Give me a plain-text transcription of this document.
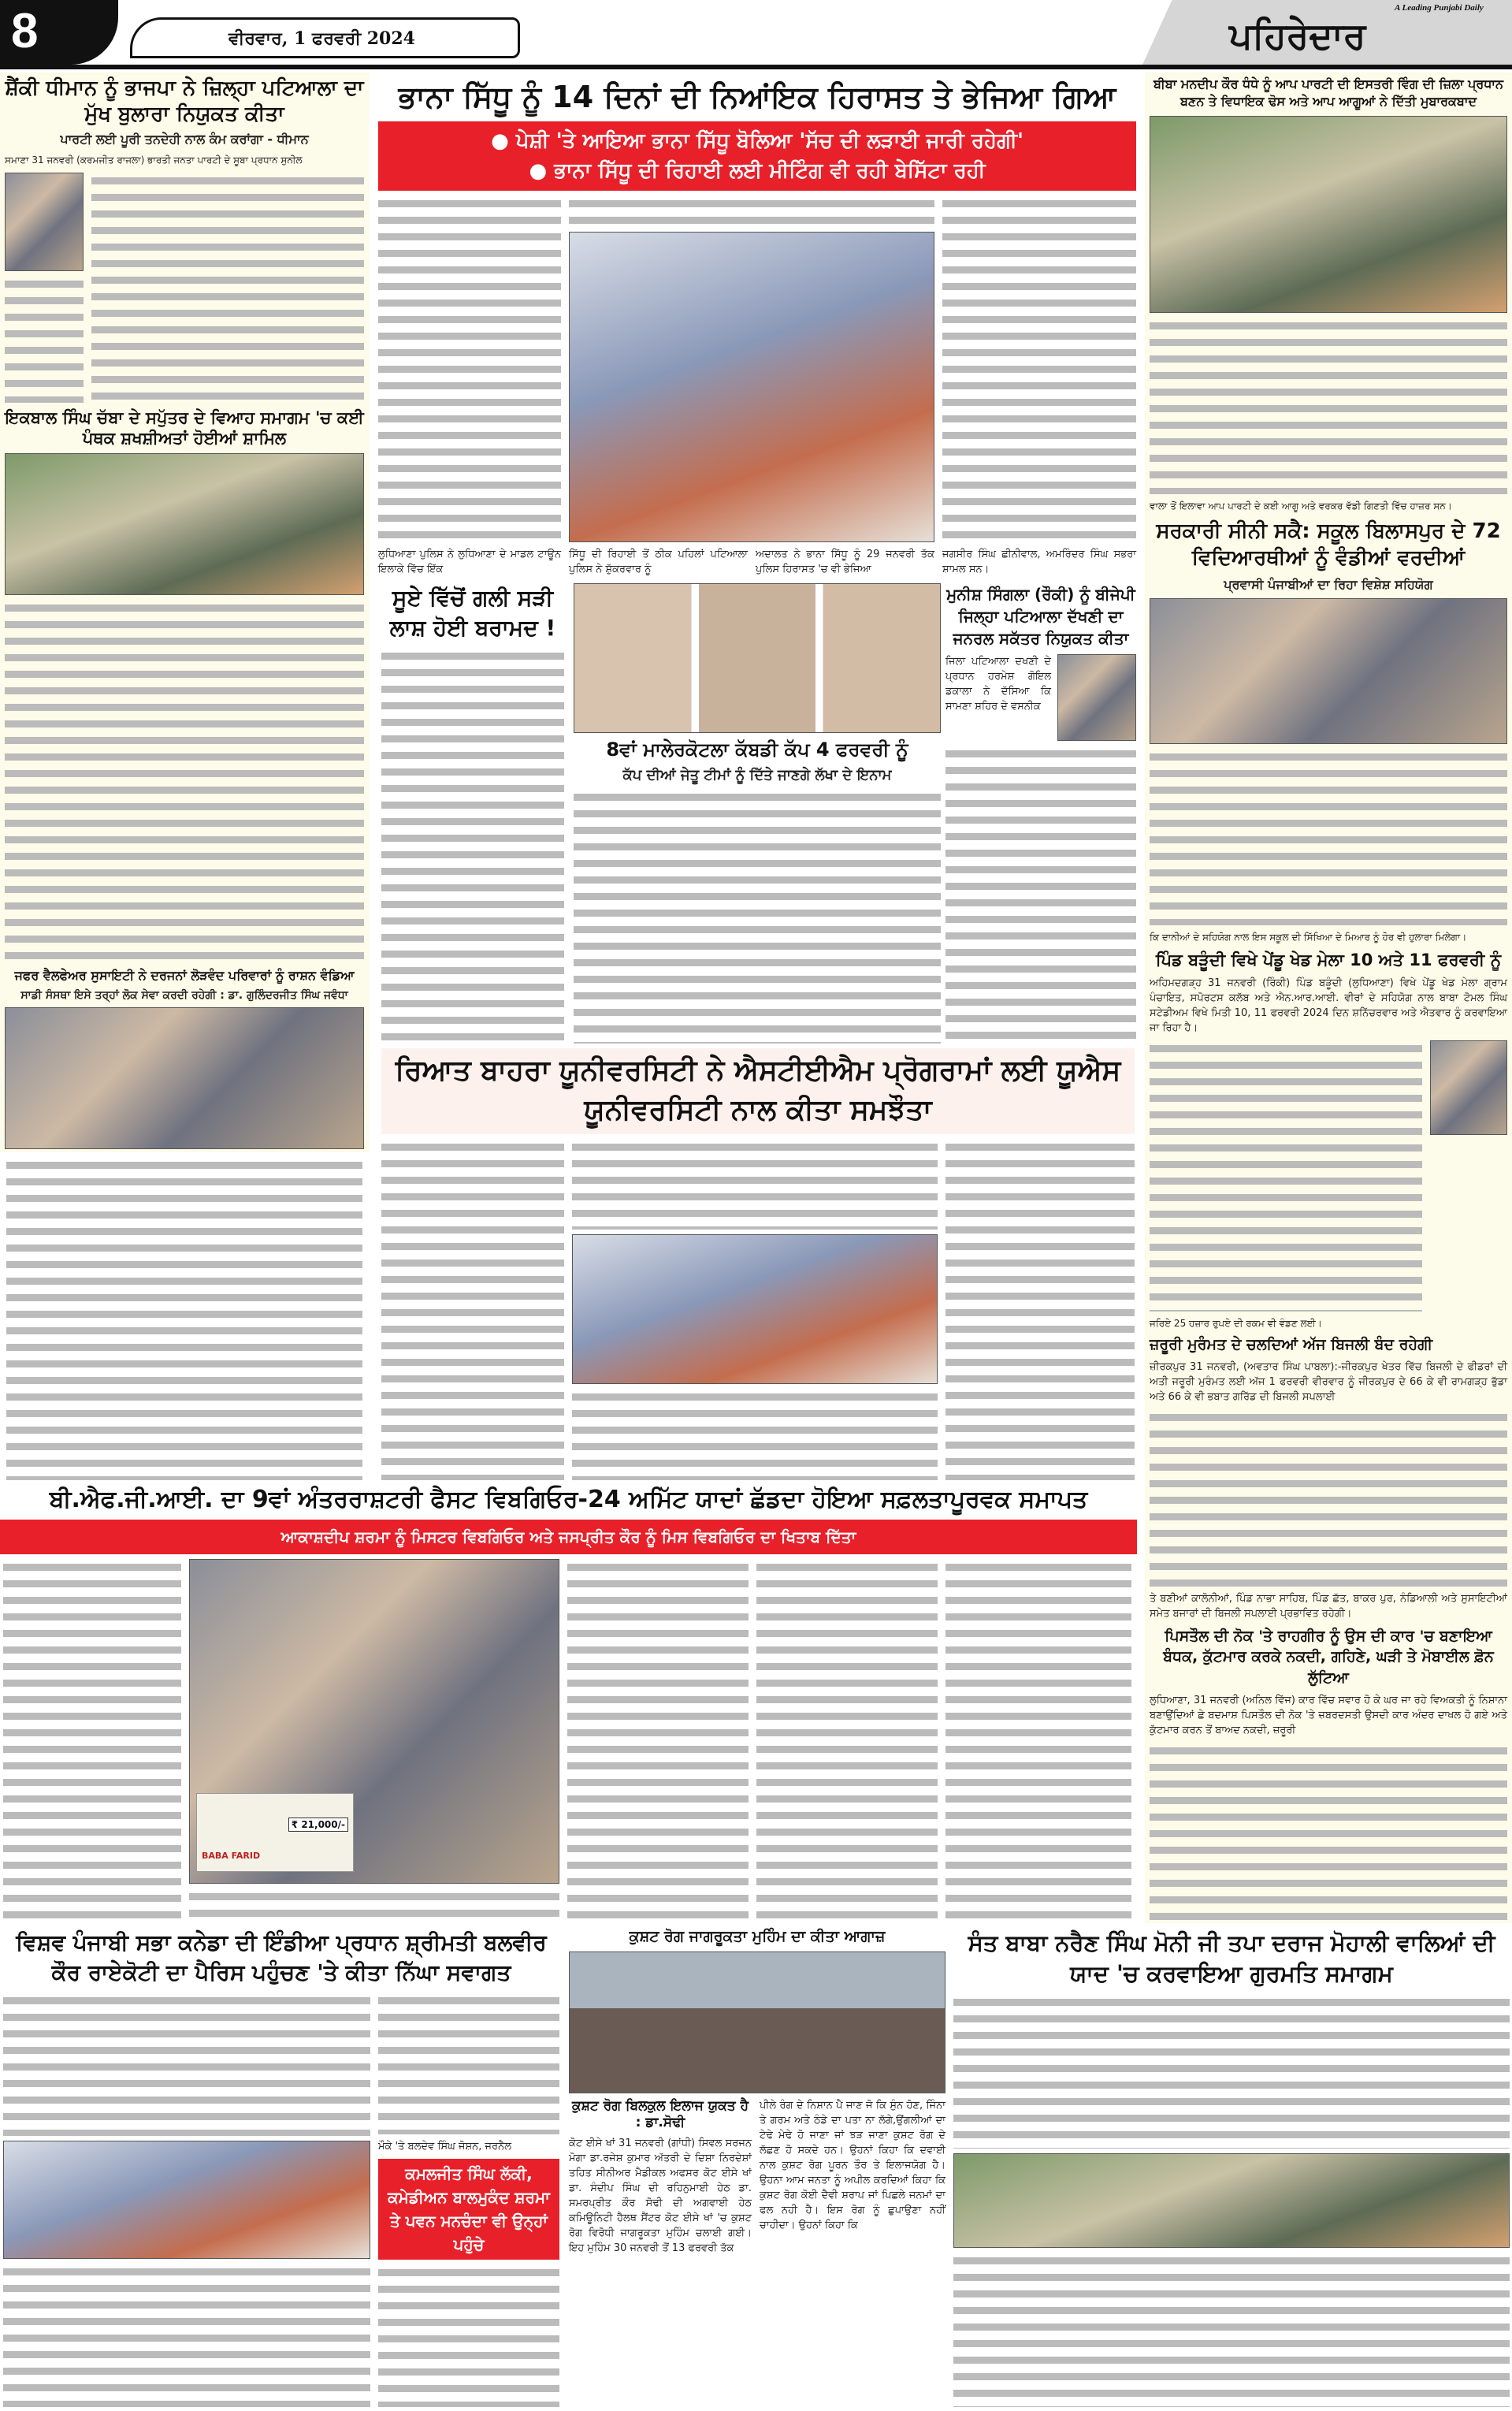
8	ਵੀਰਵਾਰ, 1 ਫਰਵਰੀ 2024	ਪਹਿਰੇਦਾਰ
A Leading Punjabi Daily
ਸ਼ੈਂਕੀ ਧੀਮਾਨ ਨੂੰ ਭਾਜਪਾ ਨੇ ਜ਼ਿਲ੍ਹਾ ਪਟਿਆਲਾ ਦਾ ਮੁੱਖ ਬੁਲਾਰਾ ਨਿਯੁਕਤ ਕੀਤਾ
ਪਾਰਟੀ ਲਈ ਪੂਰੀ ਤਨਦੇਹੀ ਨਾਲ ਕੰਮ ਕਰਾਂਗਾ - ਧੀਮਾਨ
ਸਮਾਣਾ 31 ਜਨਵਰੀ (ਕਰਮਜੀਤ ਰਾਜਲਾ) ਭਾਰਤੀ ਜਨਤਾ ਪਾਰਟੀ ਦੇ ਸੂਬਾ ਪ੍ਰਧਾਨ ਸੁਨੀਲ
ਇਕਬਾਲ ਸਿੰਘ ਚੱਬਾ ਦੇ ਸਪੁੱਤਰ ਦੇ ਵਿਆਹ ਸਮਾਗਮ 'ਚ ਕਈ ਪੰਥਕ ਸ਼ਖਸ਼ੀਅਤਾਂ ਹੋਈਆਂ ਸ਼ਾਮਿਲ
ਜਫਰ ਵੈਲਫੇਅਰ ਸੁਸਾਇਟੀ ਨੇ ਦਰਜਨਾਂ ਲੋੜਵੰਦ ਪਰਿਵਾਰਾਂ ਨੂੰ ਰਾਸ਼ਨ ਵੰਡਿਆ
ਸਾਡੀ ਸੰਸਥਾ ਇਸੇ ਤਰ੍ਹਾਂ ਲੋਕ ਸੇਵਾ ਕਰਦੀ ਰਹੇਗੀ : ਡਾ. ਗੁਲਿੰਦਰਜੀਤ ਸਿੰਘ ਜਵੰਧਾ
ਭਾਨਾ ਸਿੱਧੂ ਨੂੰ 14 ਦਿਨਾਂ ਦੀ ਨਿਆਂਇਕ ਹਿਰਾਸਤ ਤੇ ਭੇਜਿਆ ਗਿਆ
● ਪੇਸ਼ੀ 'ਤੇ ਆਇਆ ਭਾਨਾ ਸਿੱਧੂ ਬੋਲਿਆ 'ਸੱਚ ਦੀ ਲੜਾਈ ਜਾਰੀ ਰਹੇਗੀ'
● ਭਾਨਾ ਸਿੱਧੂ ਦੀ ਰਿਹਾਈ ਲਈ ਮੀਟਿੰਗ ਵੀ ਰਹੀ ਬੇਸਿੱਟਾ ਰਹੀ
ਲੁਧਿਆਣਾ ਪੁਲਿਸ ਨੇ ਲੁਧਿਆਣਾ ਦੇ ਮਾਡਲ ਟਾਊਨ ਇਲਾਕੇ ਵਿੱਚ ਇੱਕ
ਸਿੱਧੂ ਦੀ ਰਿਹਾਈ ਤੋਂ ਠੀਕ ਪਹਿਲਾਂ ਪਟਿਆਲਾ ਪੁਲਿਸ ਨੇ ਸ਼ੁੱਕਰਵਾਰ ਨੂੰ
ਅਦਾਲਤ ਨੇ ਭਾਨਾ ਸਿੱਧੂ ਨੂੰ 29 ਜਨਵਰੀ ਤੱਕ ਪੁਲਿਸ ਹਿਰਾਸਤ 'ਚ ਵੀ ਭੇਜਿਆ
ਜਗਸੀਰ ਸਿੰਘ ਛੀਨੀਵਾਲ, ਅਮਰਿੰਦਰ ਸਿੰਘ ਸਭਰਾ ਸ਼ਾਮਲ ਸਨ।
ਸੂਏ ਵਿੱਚੋਂ ਗਲੀ ਸੜੀ ਲਾਸ਼ ਹੋਈ ਬਰਾਮਦ !
8ਵਾਂ ਮਾਲੇਰਕੋਟਲਾ ਕੱਬਡੀ ਕੱਪ 4 ਫਰਵਰੀ ਨੂੰ
ਕੱਪ ਦੀਆਂ ਜੇਤੂ ਟੀਮਾਂ ਨੂੰ ਦਿੱਤੇ ਜਾਣਗੇ ਲੱਖਾ ਦੇ ਇਨਾਮ
ਮੁਨੀਸ਼ ਸਿੰਗਲਾ (ਰੌਕੀ) ਨੂੰ ਬੀਜੇਪੀ ਜਿਲ੍ਹਾ ਪਟਿਆਲਾ ਦੱਖਣੀ ਦਾ ਜਨਰਲ ਸਕੱਤਰ ਨਿਯੁਕਤ ਕੀਤਾ
ਜਿਲਾ ਪਟਿਆਲਾ ਦਖਣੀ ਦੇ ਪ੍ਰਧਾਨ ਹਰਮੇਸ਼ ਗੋਇਲ ਡਕਾਲਾ ਨੇ ਦੱਸਿਆ ਕਿ ਸਾਮਣਾ ਸ਼ਹਿਰ ਦੇ ਵਸਨੀਕ
ਰਿਆਤ ਬਾਹਰਾ ਯੂਨੀਵਰਸਿਟੀ ਨੇ ਐਸਟੀਈਐਮ ਪ੍ਰੋਗਰਾਮਾਂ ਲਈ ਯੂਐਸ ਯੂਨੀਵਰਸਿਟੀ ਨਾਲ ਕੀਤਾ ਸਮਝੌਤਾ
ਬੀ.ਐਫ.ਜੀ.ਆਈ. ਦਾ 9ਵਾਂ ਅੰਤਰਰਾਸ਼ਟਰੀ ਫੈਸਟ ਵਿਬਗਿਓਰ-24 ਅਮਿੱਟ ਯਾਦਾਂ ਛੱਡਦਾ ਹੋਇਆ ਸਫ਼ਲਤਾਪੂਰਵਕ ਸਮਾਪਤ
ਆਕਾਸ਼ਦੀਪ ਸ਼ਰਮਾ ਨੂੰ ਮਿਸਟਰ ਵਿਬਗਿਓਰ ਅਤੇ ਜਸਪ੍ਰੀਤ ਕੌਰ ਨੂੰ ਮਿਸ ਵਿਬਗਿਓਰ ਦਾ ਖਿਤਾਬ ਦਿੱਤਾ
₹ 21,000/-
BABA FARID
ਬੀਬਾ ਮਨਦੀਪ ਕੌਰ ਧੰਧੇ ਨੂੰ ਆਪ ਪਾਰਟੀ ਦੀ ਇਸਤਰੀ ਵਿੰਗ ਦੀ ਜ਼ਿਲਾ ਪ੍ਰਧਾਨ ਬਣਨ ਤੇ ਵਿਧਾਇਕ ਢੋਸ ਅਤੇ ਆਪ ਆਗੂਆਂ ਨੇ ਦਿੱਤੀ ਮੁਬਾਰਕਬਾਦ
ਵਾਲਾ ਤੋਂ ਇਲਾਵਾ ਆਪ ਪਾਰਟੀ ਦੇ ਕਈ ਆਗੂ ਅਤੇ ਵਰਕਰ ਵੱਡੀ ਗਿਣਤੀ ਵਿੱਚ ਹਾਜ਼ਰ ਸਨ।
ਸਰਕਾਰੀ ਸੀਨੀ ਸਕੈ: ਸਕੂਲ ਬਿਲਾਸਪੁਰ ਦੇ 72 ਵਿਦਿਆਰਥੀਆਂ ਨੂੰ ਵੰਡੀਆਂ ਵਰਦੀਆਂ
ਪ੍ਰਵਾਸੀ ਪੰਜਾਬੀਆਂ ਦਾ ਰਿਹਾ ਵਿਸ਼ੇਸ਼ ਸਹਿਯੋਗ
ਕਿ ਦਾਨੀਆਂ ਦੇ ਸਹਿਯੋਗ ਨਾਲ ਇਸ ਸਕੂਲ ਦੀ ਸਿੱਖਿਆ ਦੇ ਮਿਆਰ ਨੂੰ ਹੋਰ ਵੀ ਹੁਲਾਰਾ ਮਿਲੇਗਾ।
ਪਿੰਡ ਬੜੂੰਦੀ ਵਿਖੇ ਪੇਂਡੂ ਖੇਡ ਮੇਲਾ 10 ਅਤੇ 11 ਫਰਵਰੀ ਨੂੰ
ਅਹਿਮਦਗੜ੍ਹ 31 ਜਨਵਰੀ (ਰਿੰਕੀ) ਪਿੰਡ ਬੜੂੰਦੀ (ਲੁਧਿਆਣਾ) ਵਿਖੇ ਪੇਂਡੂ ਖੇਡ ਮੇਲਾ ਗ੍ਰਾਮ ਪੰਚਾਇਤ, ਸਪੋਰਟਸ ਕਲੱਬ ਅਤੇ ਐਨ.ਆਰ.ਆਈ. ਵੀਰਾਂ ਦੇ ਸਹਿਯੋਗ ਨਾਲ ਬਾਬਾ ਟੋਮਲ ਸਿੰਘ ਸਟੇਡੀਅਮ ਵਿਖੇ ਮਿਤੀ 10, 11 ਫਰਵਰੀ 2024 ਦਿਨ ਸ਼ਨਿੱਚਰਵਾਰ ਅਤੇ ਐਤਵਾਰ ਨੂੰ ਕਰਵਾਇਆ ਜਾ ਰਿਹਾ ਹੈ।
ਜਰਿਏ 25 ਹਜ਼ਾਰ ਰੁਪਏ ਦੀ ਰਕਮ ਵੀ ਵੰਡਣ ਲਈ।
ਜ਼ਰੂਰੀ ਮੁਰੰਮਤ ਦੇ ਚਲਦਿਆਂ ਅੱਜ ਬਿਜਲੀ ਬੰਦ ਰਹੇਗੀ
ਜ਼ੀਰਕਪੁਰ 31 ਜਨਵਰੀ, (ਅਵਤਾਰ ਸਿੰਘ ਪਾਬਲਾ):-ਜੀਰਕਪੁਰ ਖੇਤਰ ਵਿੱਚ ਬਿਜਲੀ ਦੇ ਫੀਡਰਾਂ ਦੀ ਅਤੀ ਜਰੂਰੀ ਮੁਰੰਮਤ ਲਈ ਅੱਜ 1 ਫਰਵਰੀ ਵੀਰਵਾਰ ਨੂੰ ਜੀਰਕਪੁਰ ਦੇ 66 ਕੇ ਵੀ ਰਾਮਗੜ੍ਹ ਭੁੱਡਾ ਅਤੇ 66 ਕੇ ਵੀ ਭਬਾਤ ਗਰਿੱਡ ਦੀ ਬਿਜਲੀ ਸਪਲਾਈ
ਤੇ ਬਣੀਆਂ ਕਾਲੋਨੀਆਂ, ਪਿੰਡ ਨਾਭਾ ਸਾਹਿਬ, ਪਿੰਡ ਛੱਤ, ਬਾਕਰ ਪੁਰ, ਨੰਡਿਆਲੀ ਅਤੇ ਸੁਸਾਇਟੀਆਂ ਸਮੇਤ ਬਜਾਰਾਂ ਦੀ ਬਿਜਲੀ ਸਪਲਾਈ ਪ੍ਰਭਾਵਿਤ ਰਹੇਗੀ।
ਪਿਸਤੌਲ ਦੀ ਨੋਕ 'ਤੇ ਰਾਹਗੀਰ ਨੂੰ ਉਸ ਦੀ ਕਾਰ 'ਚ ਬਣਾਇਆ ਬੰਧਕ, ਕੁੱਟਮਾਰ ਕਰਕੇ ਨਕਦੀ, ਗਹਿਣੇ, ਘੜੀ ਤੇ ਮੋਬਾਈਲ ਫ਼ੋਨ ਲੁੱਟਿਆ
ਲੁਧਿਆਣਾ, 31 ਜਨਵਰੀ (ਅਨਿਲ ਵਿੱਜ) ਕਾਰ ਵਿੱਚ ਸਵਾਰ ਹੋ ਕੇ ਘਰ ਜਾ ਰਹੇ ਵਿਅਕਤੀ ਨੂੰ ਨਿਸ਼ਾਨਾ ਬਣਾਉਂਦਿਆਂ ਛੇ ਬਦਮਾਸ਼ ਪਿਸਤੌਲ ਦੀ ਨੋਕ 'ਤੇ ਜ਼ਬਰਦਸਤੀ ਉਸਦੀ ਕਾਰ ਅੰਦਰ ਦਾਖਲ ਹੋ ਗਏ ਅਤੇ ਕੁੱਟਮਾਰ ਕਰਨ ਤੋਂ ਬਾਅਦ ਨਕਦੀ, ਜ਼ਰੂਰੀ
ਵਿਸ਼ਵ ਪੰਜਾਬੀ ਸਭਾ ਕਨੇਡਾ ਦੀ ਇੰਡੀਆ ਪ੍ਰਧਾਨ ਸ਼੍ਰੀਮਤੀ ਬਲਵੀਰ ਕੌਰ ਰਾਏਕੋਟੀ ਦਾ ਪੈਰਿਸ ਪਹੁੰਚਣ 'ਤੇ ਕੀਤਾ ਨਿੱਘਾ ਸਵਾਗਤ
ਮੌਕੇ 'ਤੇ ਬਲਦੇਵ ਸਿੰਘ ਜੋਸ਼ਨ, ਜਰਨੈਲ
ਕਮਲਜੀਤ ਸਿੰਘ ਲੱਕੀ, ਕਮੇਡੀਅਨ ਬਾਲਮੁਕੰਦ ਸ਼ਰਮਾ ਤੇ ਪਵਨ ਮਨਚੰਦਾ ਵੀ ਉਨ੍ਹਾਂ ਪਹੁੰਚੇ
ਕੁਸ਼ਟ ਰੋਗ ਜਾਗਰੂਕਤਾ ਮੁਹਿੰਮ ਦਾ ਕੀਤਾ ਆਗਾਜ਼
ਕੁਸ਼ਟ ਰੋਗ ਬਿਲਕੁਲ ਇਲਾਜ ਯੁਕਤ ਹੈ : ਡਾ.ਸੋਢੀ
ਕੋਟ ਈਸੇ ਖਾਂ 31 ਜਨਵਰੀ (ਗਾਂਧੀ) ਸਿਵਲ ਸਰਜਨ ਮੋਗਾ ਡਾ.ਰਜੇਸ਼ ਕੁਮਾਰ ਅੱਤਰੀ ਦੇ ਦਿਸ਼ਾ ਨਿਰਦੇਸ਼ਾਂ ਤਹਿਤ ਸੀਨੀਅਰ ਮੈਡੀਕਲ ਅਫਸਰ ਕੋਟ ਈਸੇ ਖਾਂ ਡਾ. ਸੰਦੀਪ ਸਿੰਘ ਦੀ ਰਹਿਨੁਮਾਈ ਹੇਠ ਡਾ. ਸਮਰਪ੍ਰੀਤ ਕੌਰ ਸੋਢੀ ਦੀ ਅਗਵਾਈ ਹੇਠ ਕਮਿਊਨਿਟੀ ਹੈਲਥ ਸੈਂਟਰ ਕੋਟ ਈਸੇ ਖਾਂ 'ਚ ਕੁਸ਼ਟ ਰੋਗ ਵਿਰੋਧੀ ਜਾਗਰੂਕਤਾ ਮੁਹਿੰਮ ਚਲਾਈ ਗਈ। ਇਹ ਮੁਹਿੰਮ 30 ਜਨਵਰੀ ਤੋਂ 13 ਫਰਵਰੀ ਤੱਕ
ਪੀਲੇ ਰੰਗ ਦੇ ਨਿਸ਼ਾਨ ਪੈ ਜਾਣ ਜੋ ਕਿ ਸੁੰਨ ਹੋਣ, ਜਿੰਨਾ ਤੇ ਗਰਮ ਅਤੇ ਠੰਡੇ ਦਾ ਪਤਾ ਨਾ ਲੱਗੇ,ਉਂਗਲੀਆਂ ਦਾ ਟੇਢੇ ਮੇਢੇ ਹੋ ਜਾਣਾ ਜਾਂ ਝੜ ਜਾਣਾ ਕੁਸ਼ਟ ਰੋਗ ਦੇ ਲੱਛਣ ਹੋ ਸਕਦੇ ਹਨ। ਉਹਨਾਂ ਕਿਹਾ ਕਿ ਦਵਾਈ ਨਾਲ ਕੁਸ਼ਟ ਰੋਗ ਪੂਰਨ ਤੌਰ ਤੇ ਇਲਾਜਯੋਗ ਹੈ। ਉਹਨਾ ਆਮ ਜਨਤਾ ਨੂੰ ਅਪੀਲ ਕਰਦਿਆਂ ਕਿਹਾ ਕਿ ਕੁਸ਼ਟ ਰੋਗ ਕੋਈ ਦੈਵੀ ਸ਼ਰਾਪ ਜਾਂ ਪਿਛਲੇ ਜਨਮਾਂ ਦਾ ਫਲ ਨਹੀ ਹੈ। ਇਸ ਰੋਗ ਨੂੰ ਛੁਪਾਉਣਾ ਨਹੀਂ ਚਾਹੀਦਾ। ਉਹਨਾਂ ਕਿਹਾ ਕਿ
ਸੰਤ ਬਾਬਾ ਨਰੈਣ ਸਿੰਘ ਮੋਨੀ ਜੀ ਤਪਾ ਦਰਾਜ ਮੋਹਾਲੀ ਵਾਲਿਆਂ ਦੀ ਯਾਦ 'ਚ ਕਰਵਾਇਆ ਗੁਰਮਤਿ ਸਮਾਗਮ
